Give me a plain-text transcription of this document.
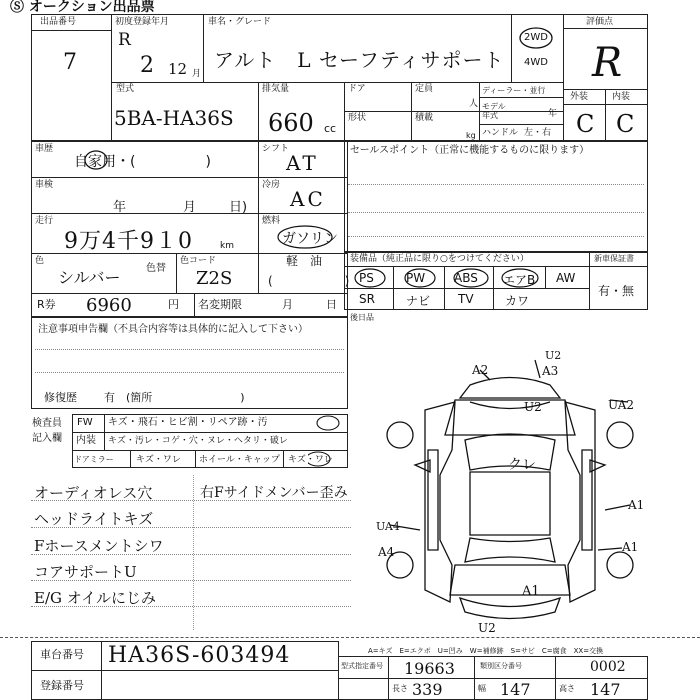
Ⓢ オークション出品票
出品番号
7
初度登録年月
R
2 12 月
車名・グレード
アルト　L セーフティサポート
2WD
4WD
評価点
R
外装	内装
C C
型式
5BA-HA36S
排気量
660 cc
ドア	定員
人
形状	積載
kg
ディーラー・並行
モデル年式	年
ハンドル 左・右
車歴
自家用・(　　　　　)
シフト
AT
車検
年	月	日)
冷房
AC
走行
9万4千9１0	km
燃料
ガソリン
軽　油
(　　　　　　)
色
シルバー	色替
色コード
Z2S
R券 6960	円 名変期限	月　　　日
セールスポイント（正常に機能するものに限ります）
装備品（純正品に限り○をつけてください）	新車保証書
有・無
PS	PW ABS エアB AW
SR	ナビ TV	カワ
後日品
注意事項申告欄（不具合内容等は具体的に記入して下さい）
修復歴 有　(箇所　　　　　　　　)
検査員
記入欄
FW キズ・飛石・ヒビ割・リペア跡・汚
内装 キズ・汚レ・コゲ・穴・ヌレ・ヘタリ・破レ
ドアミラー キズ・ワレ ホイール・キャップ キズ・ワレ
オーディオレス穴
ヘッドライトキズ
Fホースメントシワ
コアサポートU
E/G オイルにじみ
右Fサイドメンバー歪み
U2
A2	A3
U2	UA2
クレ
A1
UA4
A4	A1
A1
U2
A=キズ　E=エクボ　U=凹み　W=補修跡　S=サビ　C=腐食　XX=交換
車台番号 HA36S-603494
登録番号
型式指定番号 19663	類別区分番号	0002
長さ 339	幅 147	高さ 147
